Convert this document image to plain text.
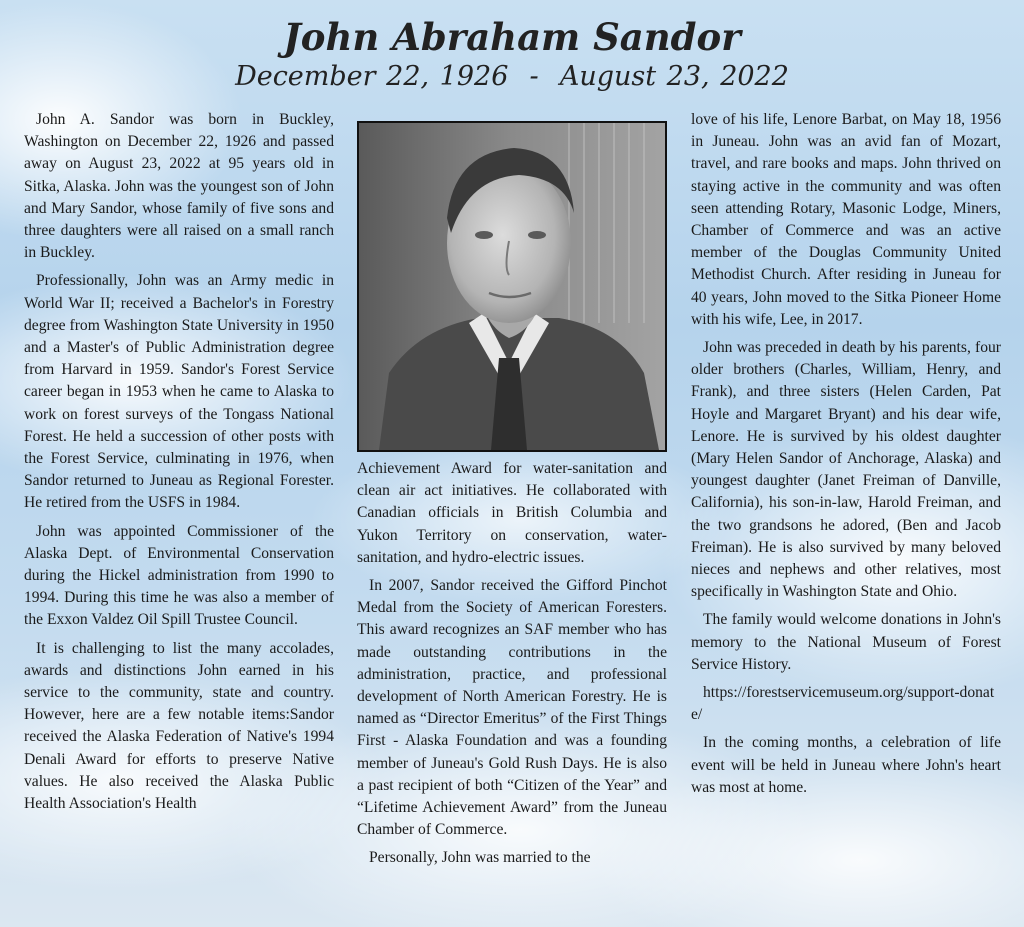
John Abraham Sandor
December 22, 1926  -  August 23, 2022

John A. Sandor was born in Buckley, Washington on December 22, 1926 and passed away on August 23, 2022 at 95 years old in Sitka, Alaska. John was the youngest son of John and Mary Sandor, whose family of five sons and three daughters were all raised on a small ranch in Buckley.

Professionally, John was an Army medic in World War II; received a Bachelor's in Forestry degree from Washington State University in 1950 and a Master's of Public Administration degree from Harvard in 1959. Sandor's Forest Service career began in 1953 when he came to Alaska to work on forest surveys of the Tongass National Forest. He held a succession of other posts with the Forest Service, culminating in 1976, when Sandor returned to Juneau as Regional Forester. He retired from the USFS in 1984.

John was appointed Commissioner of the Alaska Dept. of Environmental Conservation during the Hickel administration from 1990 to 1994. During this time he was also a member of the Exxon Valdez Oil Spill Trustee Council.

It is challenging to list the many accolades, awards and distinctions John earned in his service to the community, state and country. However, here are a few notable items:Sandor received the Alaska Federation of Native's 1994 Denali Award for efforts to preserve Native values. He also received the Alaska Public Health Association's Health

Achievement Award for water-sanitation and clean air act initiatives. He collaborated with Canadian officials in British Columbia and Yukon Territory on conservation, water-sanitation, and hydro-electric issues.

In 2007, Sandor received the Gifford Pinchot Medal from the Society of American Foresters. This award recognizes an SAF member who has made outstanding contributions in the administration, practice, and professional development of North American Forestry. He is named as “Director Emeritus” of the First Things First - Alaska Foundation and was a founding member of Juneau's Gold Rush Days. He is also a past recipient of both “Citizen of the Year” and “Lifetime Achievement Award” from the Juneau Chamber of Commerce.

Personally, John was married to the

love of his life, Lenore Barbat, on May 18, 1956 in Juneau. John was an avid fan of Mozart, travel, and rare books and maps. John thrived on staying active in the community and was often seen attending Rotary, Masonic Lodge, Miners, Chamber of Commerce and was an active member of the Douglas Community United Methodist Church. After residing in Juneau for 40 years, John moved to the Sitka Pioneer Home with his wife, Lee, in 2017.

John was preceded in death by his parents, four older brothers (Charles, William, Henry, and Frank), and three sisters (Helen Carden, Pat Hoyle and Margaret Bryant) and his dear wife, Lenore. He is survived by his oldest daughter (Mary Helen Sandor of Anchorage, Alaska) and youngest daughter (Janet Freiman of Danville, California), his son-in-law, Harold Freiman, and the two grandsons he adored, (Ben and Jacob Freiman). He is also survived by many beloved nieces and nephews and other relatives, most specifically in Washington State and Ohio.

The family would welcome donations in John's memory to the National Museum of Forest Service History.

https://forestservicemuseum.org/support-donate/

In the coming months, a celebration of life event will be held in Juneau where John's heart was most at home.
